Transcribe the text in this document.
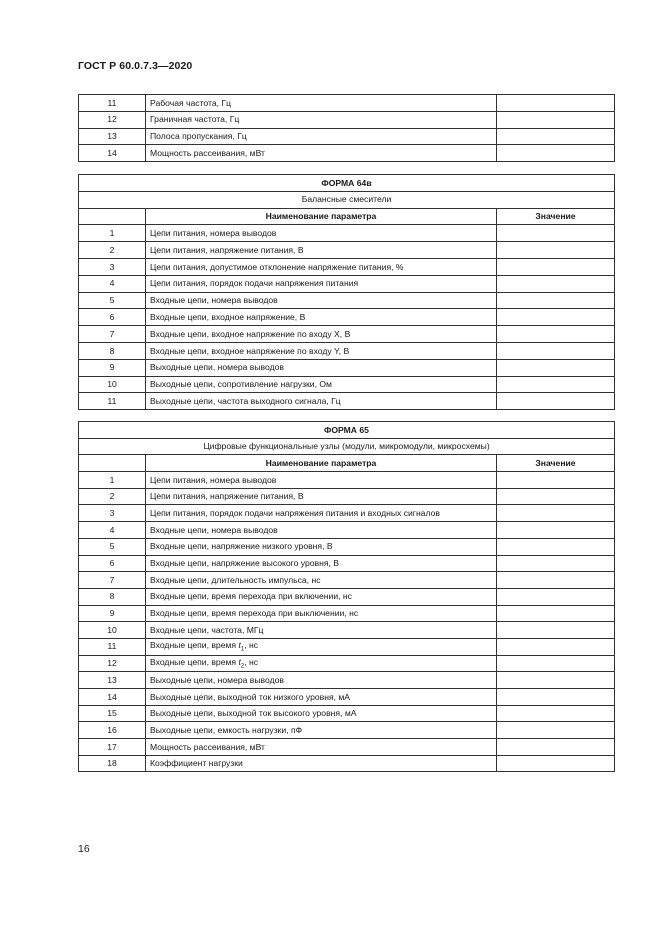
ГОСТ Р 60.0.7.3—2020
11	Рабочая частота, Гц	
12	Граничная частота, Гц	
13	Полоса пропускания, Гц	
14	Мощность рассеивания, мВт	
ФОРМА 64в		
Балансные смесители		
	Наименование параметра	Значение
1	Цепи питания, номера выводов	
2	Цепи питания, напряжение питания, В	
3	Цепи питания, допустимое отклонение напряжение питания, %	
4	Цепи питания, порядок подачи напряжения питания	
5	Входные цепи, номера выводов	
6	Входные цепи, входное напряжение, В	
7	Входные цепи, входное напряжение по входу X, В	
8	Входные цепи, входное напряжение по входу Y, В	
9	Выходные цепи, номера выводов	
10	Выходные цепи, сопротивление нагрузки, Ом	
11	Выходные цепи, частота выходного сигнала, Гц	
ФОРМА 65		
Цифровые функциональные узлы (модули, микромодули, микросхемы)		
	Наименование параметра	Значение
1	Цепи питания, номера выводов	
2	Цепи питания, напряжение питания, В	
3	Цепи питания, порядок подачи напряжения питания и входных сигналов	
4	Входные цепи, номера выводов	
5	Входные цепи, напряжение низкого уровня, В	
6	Входные цепи, напряжение высокого уровня, В	
7	Входные цепи, длительность импульса, нс	
8	Входные цепи, время перехода при включении, нс	
9	Входные цепи, время перехода при выключении, нс	
10	Входные цепи, частота, МГц	
11	Входные цепи, время $t_1$, нс	
12	Входные цепи, время $t_2$, нс	
13	Выходные цепи, номера выводов	
14	Выходные цепи, выходной ток низкого уровня, мА	
15	Выходные цепи, выходной ток высокого уровня, мА	
16	Выходные цепи, емкость нагрузки, пФ	
17	Мощность рассеивания, мВт	
18	Коэффициент нагрузки	
16
